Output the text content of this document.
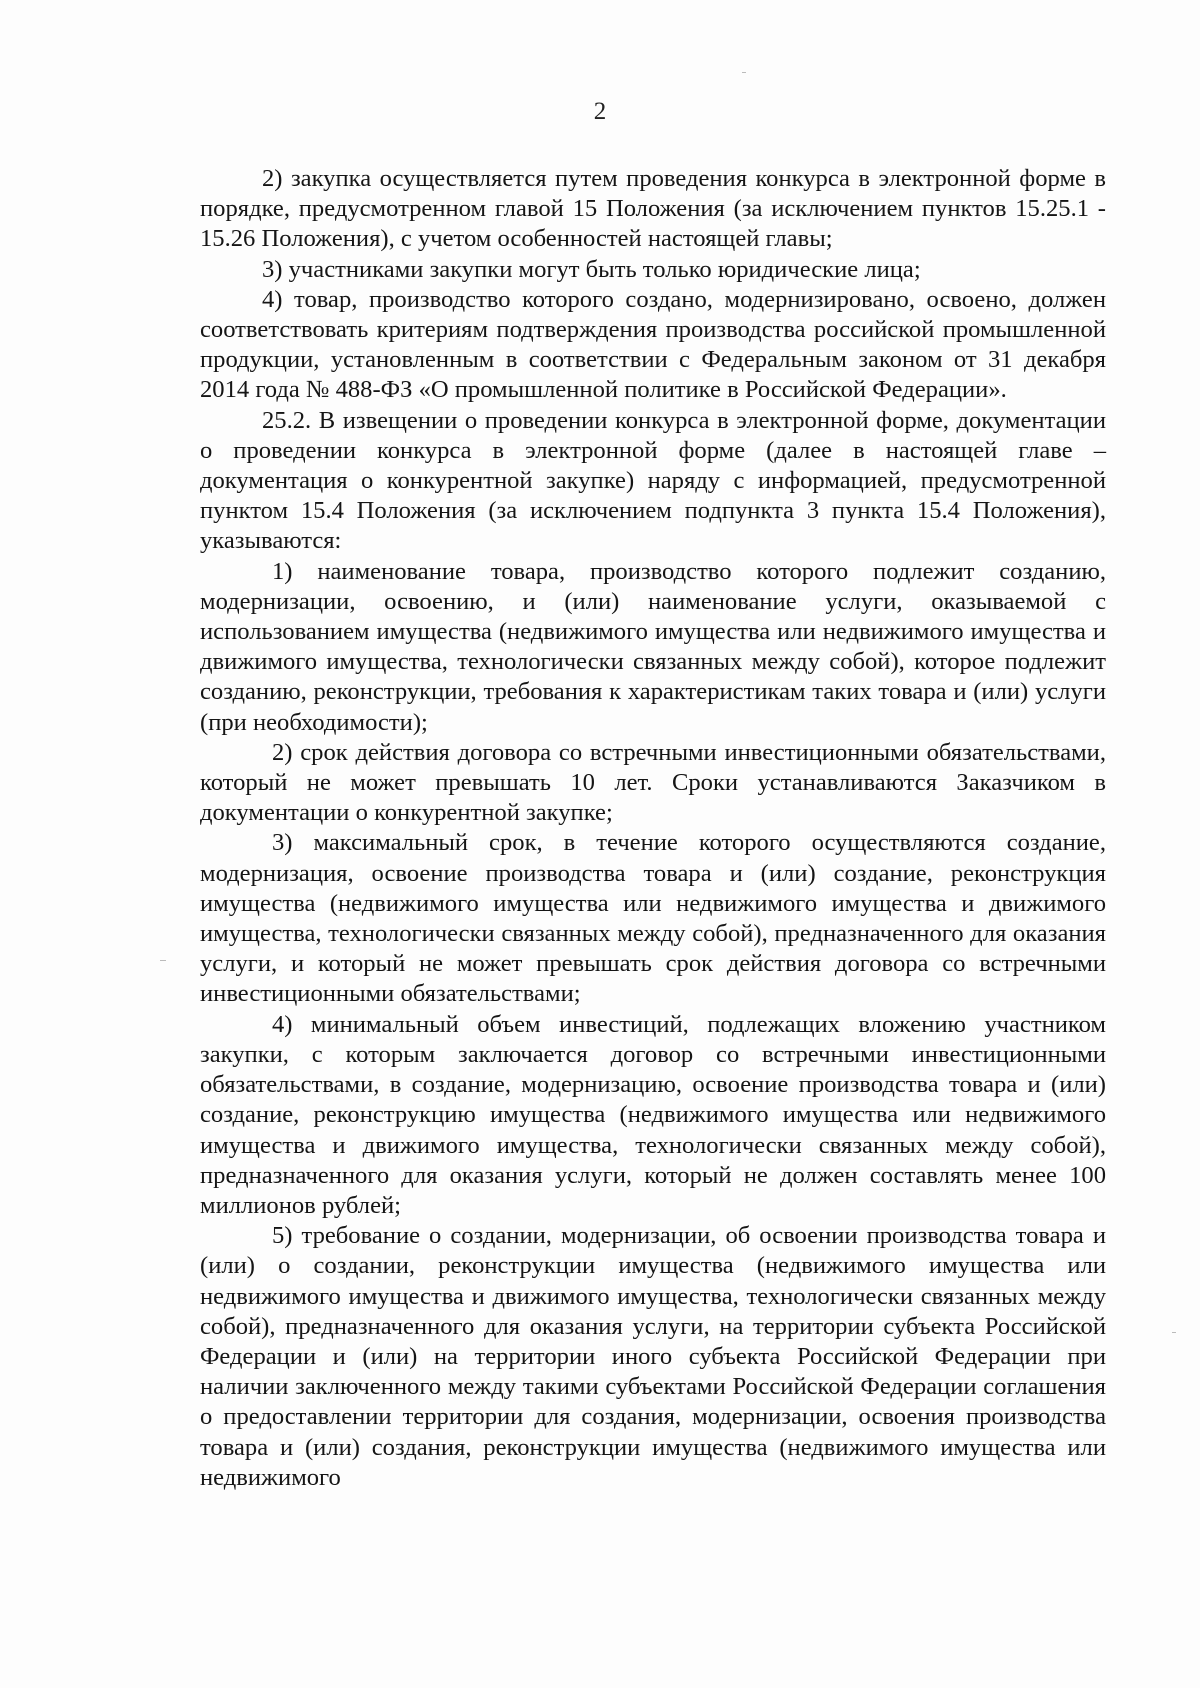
2

2) закупка осуществляется путем проведения конкурса в электронной форме в порядке, предусмотренном главой 15 Положения (за исключением пунктов 15.25.1 - 15.26 Положения), с учетом особенностей настоящей главы;

3) участниками закупки могут быть только юридические лица;

4) товар, производство которого создано, модернизировано, освоено, должен соответствовать критериям подтверждения производства российской промышленной продукции, установленным в соответствии с Федеральным законом от 31 декабря 2014 года № 488-ФЗ «О промышленной политике в Российской Федерации».

25.2. В извещении о проведении конкурса в электронной форме, документации о проведении конкурса в электронной форме (далее в настоящей главе – документация о конкурентной закупке) наряду с информацией, предусмотренной пунктом 15.4 Положения (за исключением подпункта 3 пункта 15.4 Положения), указываются:

1) наименование товара, производство которого подлежит созданию, модернизации, освоению, и (или) наименование услуги, оказываемой с использованием имущества (недвижимого имущества или недвижимого имущества и движимого имущества, технологически связанных между собой), которое подлежит созданию, реконструкции, требования к характеристикам таких товара и (или) услуги (при необходимости);

2) срок действия договора со встречными инвестиционными обязательствами, который не может превышать 10 лет. Сроки устанавливаются Заказчиком в документации о конкурентной закупке;

3) максимальный срок, в течение которого осуществляются создание, модернизация, освоение производства товара и (или) создание, реконструкция имущества (недвижимого имущества или недвижимого имущества и движимого имущества, технологически связанных между собой), предназначенного для оказания услуги, и который не может превышать срок действия договора со встречными инвестиционными обязательствами;

4) минимальный объем инвестиций, подлежащих вложению участником закупки, с которым заключается договор со встречными инвестиционными обязательствами, в создание, модернизацию, освоение производства товара и (или) создание, реконструкцию имущества (недвижимого имущества или недвижимого имущества и движимого имущества, технологически связанных между собой), предназначенного для оказания услуги, который не должен составлять менее 100 миллионов рублей;

5) требование о создании, модернизации, об освоении производства товара и (или) о создании, реконструкции имущества (недвижимого имущества или недвижимого имущества и движимого имущества, технологически связанных между собой), предназначенного для оказания услуги, на территории субъекта Российской Федерации и (или) на территории иного субъекта Российской Федерации при наличии заключенного между такими субъектами Российской Федерации соглашения о предоставлении территории для создания, модернизации, освоения производства товара и (или) создания, реконструкции имущества (недвижимого имущества или недвижимого
